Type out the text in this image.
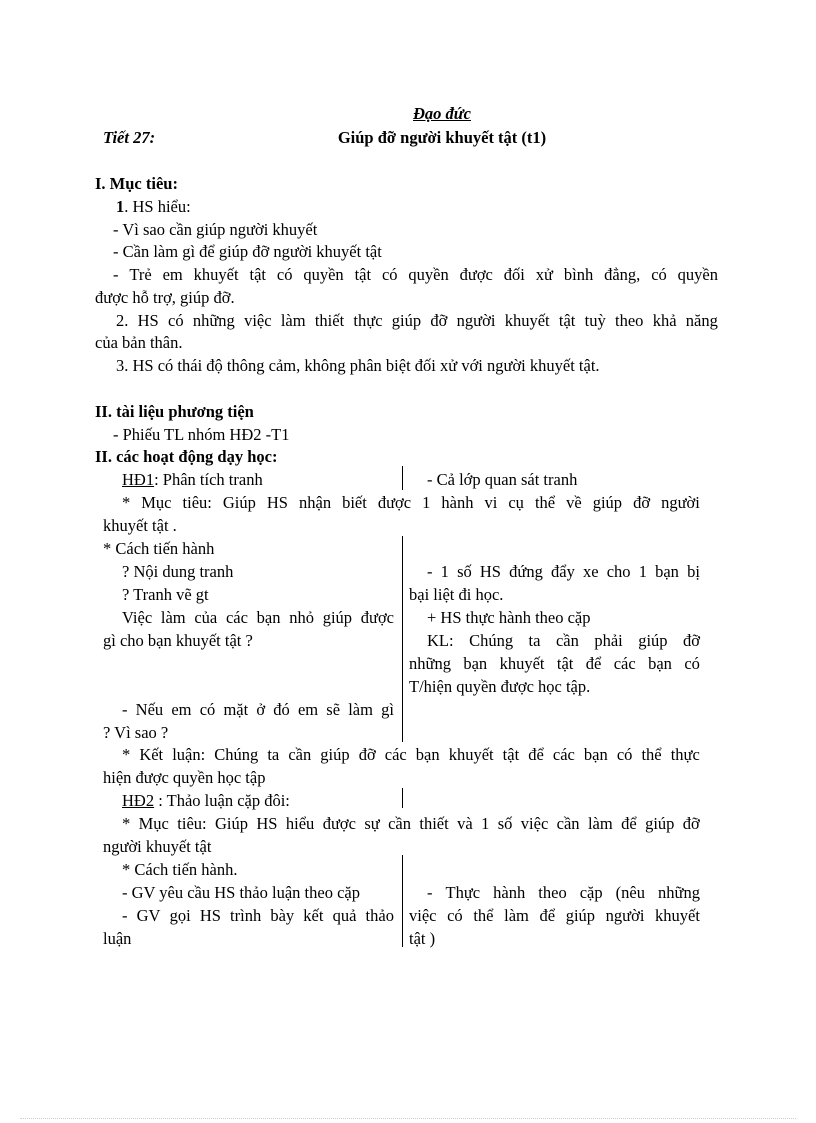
Đạo đức
Tiết 27:	Giúp đỡ người khuyết tật (t1)
I. Mục tiêu:
1. HS hiểu:
- Vì sao cần giúp người khuyết
- Cần làm gì để giúp đỡ người khuyết tật
- Trẻ em khuyết tật có quyền tật có quyền được đối xử bình đẳng, có quyền
được hỗ trợ, giúp đỡ.
2. HS có những việc làm thiết thực giúp đỡ người khuyết tật tuỳ theo khả năng
của bản thân.
3. HS có thái độ thông cảm, không phân biệt đối xử với người khuyết tật.
II. tài liệu phương tiện
- Phiếu TL nhóm HĐ2 -T1
II. các hoạt động dạy học:
HĐ1: Phân tích tranh	- Cả lớp quan sát tranh
* Mục tiêu: Giúp HS nhận biết được 1 hành vi cụ thể về giúp đỡ người
khuyết tật .
* Cách tiến hành
? Nội dung tranh
? Tranh vẽ gt
Việc làm của các bạn nhỏ giúp được
gì cho bạn khuyết tật ?
- 1 số HS đứng đẩy xe cho 1 bạn bị
bại liệt đi học.
+ HS thực hành theo cặp
KL: Chúng ta cần phải giúp đỡ
những bạn khuyết tật để các bạn có
T/hiện quyền được học tập.
- Nếu em có mặt ở đó em sẽ làm gì
? Vì sao ?
* Kết luận: Chúng ta cần giúp đỡ các bạn khuyết tật để các bạn có thể thực
hiện được quyền học tập
HĐ2 : Thảo luận cặp đôi:
* Mục tiêu: Giúp HS hiểu được sự cần thiết và 1 số việc cần làm để giúp đỡ
người khuyết tật
* Cách tiến hành.
- GV yêu cầu HS thảo luận theo cặp
- GV gọi HS trình bày kết quả thảo
luận
- Thực hành theo cặp (nêu những
việc có thể làm để giúp người khuyết
tật )
